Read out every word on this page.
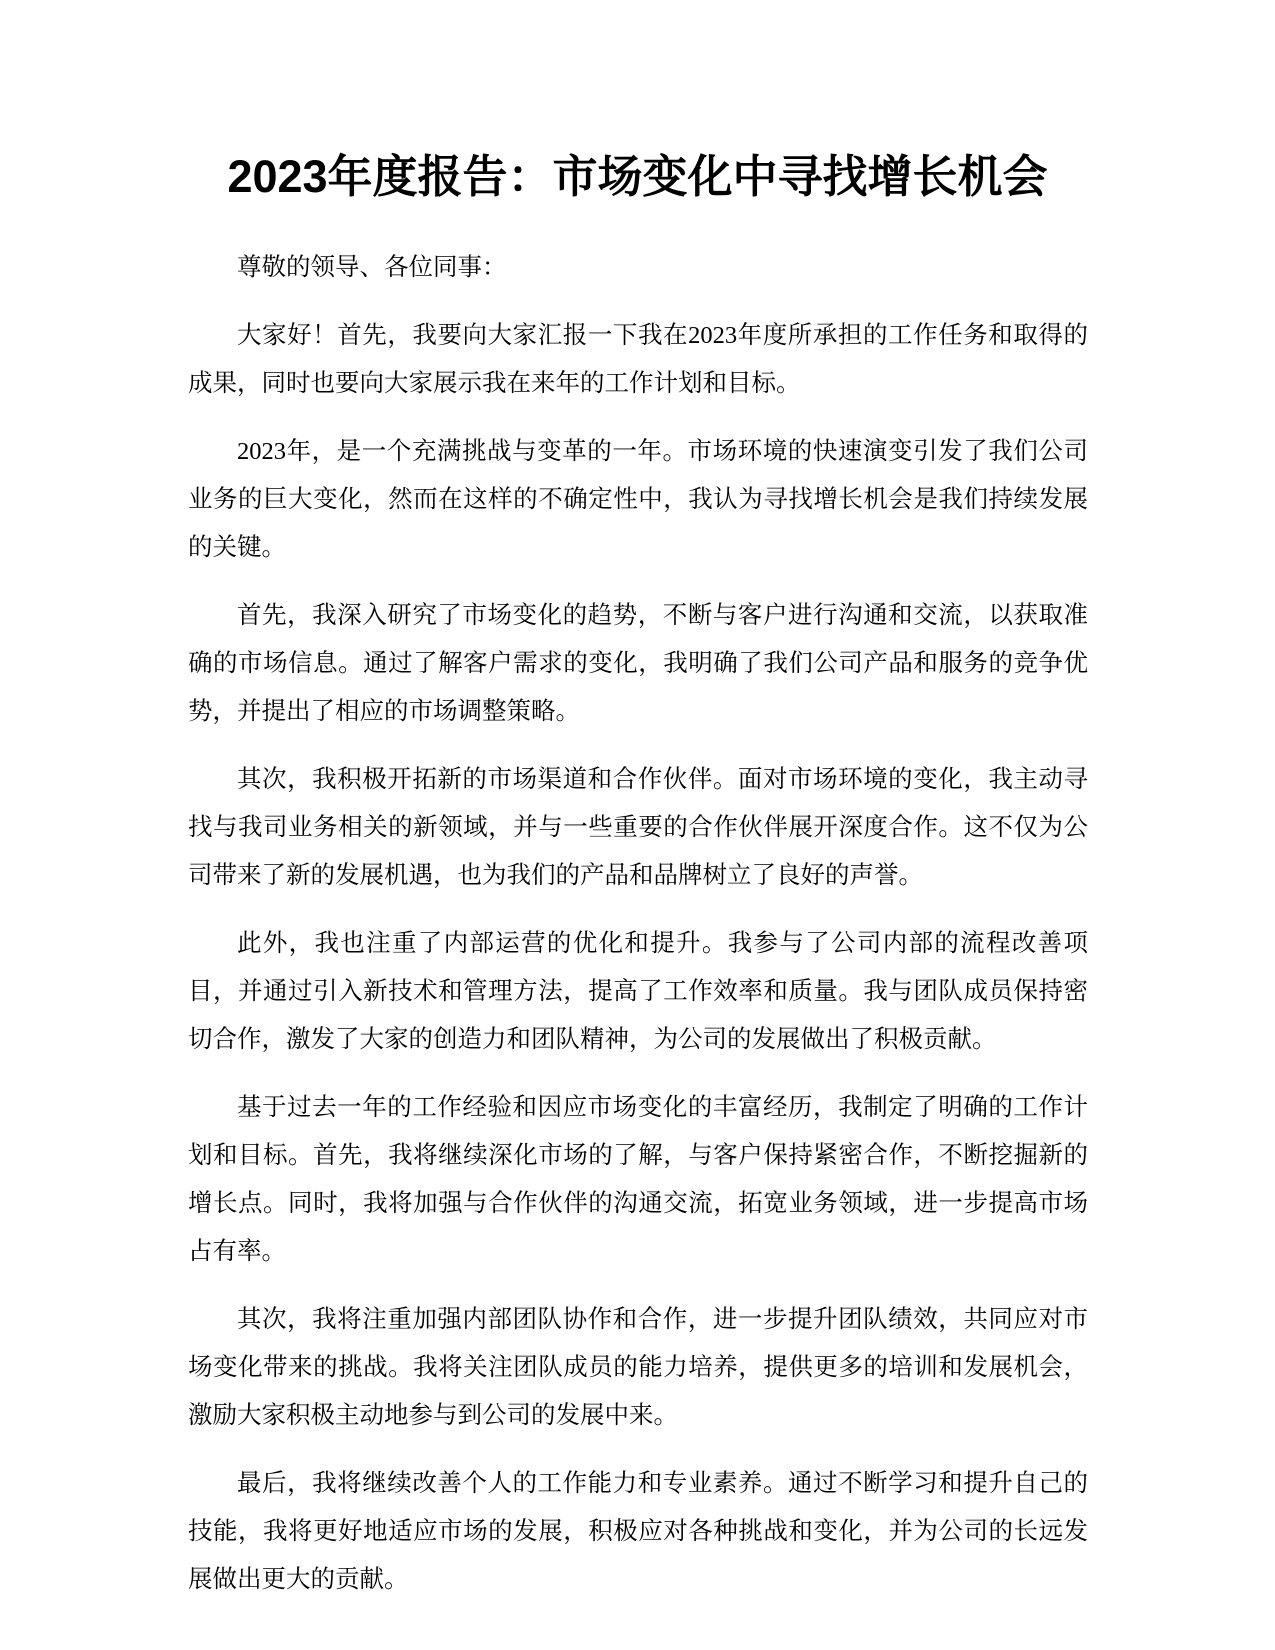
2023年度报告：市场变化中寻找增长机会

尊敬的领导、各位同事：

大家好！首先，我要向大家汇报一下我在2023年度所承担的工作任务和取得的成果，同时也要向大家展示我在来年的工作计划和目标。

2023年，是一个充满挑战与变革的一年。市场环境的快速演变引发了我们公司业务的巨大变化，然而在这样的不确定性中，我认为寻找增长机会是我们持续发展的关键。

首先，我深入研究了市场变化的趋势，不断与客户进行沟通和交流，以获取准确的市场信息。通过了解客户需求的变化，我明确了我们公司产品和服务的竞争优势，并提出了相应的市场调整策略。

其次，我积极开拓新的市场渠道和合作伙伴。面对市场环境的变化，我主动寻找与我司业务相关的新领域，并与一些重要的合作伙伴展开深度合作。这不仅为公司带来了新的发展机遇，也为我们的产品和品牌树立了良好的声誉。

此外，我也注重了内部运营的优化和提升。我参与了公司内部的流程改善项目，并通过引入新技术和管理方法，提高了工作效率和质量。我与团队成员保持密切合作，激发了大家的创造力和团队精神，为公司的发展做出了积极贡献。

基于过去一年的工作经验和因应市场变化的丰富经历，我制定了明确的工作计划和目标。首先，我将继续深化市场的了解，与客户保持紧密合作，不断挖掘新的增长点。同时，我将加强与合作伙伴的沟通交流，拓宽业务领域，进一步提高市场占有率。

其次，我将注重加强内部团队协作和合作，进一步提升团队绩效，共同应对市场变化带来的挑战。我将关注团队成员的能力培养，提供更多的培训和发展机会，激励大家积极主动地参与到公司的发展中来。

最后，我将继续改善个人的工作能力和专业素养。通过不断学习和提升自己的技能，我将更好地适应市场的发展，积极应对各种挑战和变化，并为公司的长远发展做出更大的贡献。
